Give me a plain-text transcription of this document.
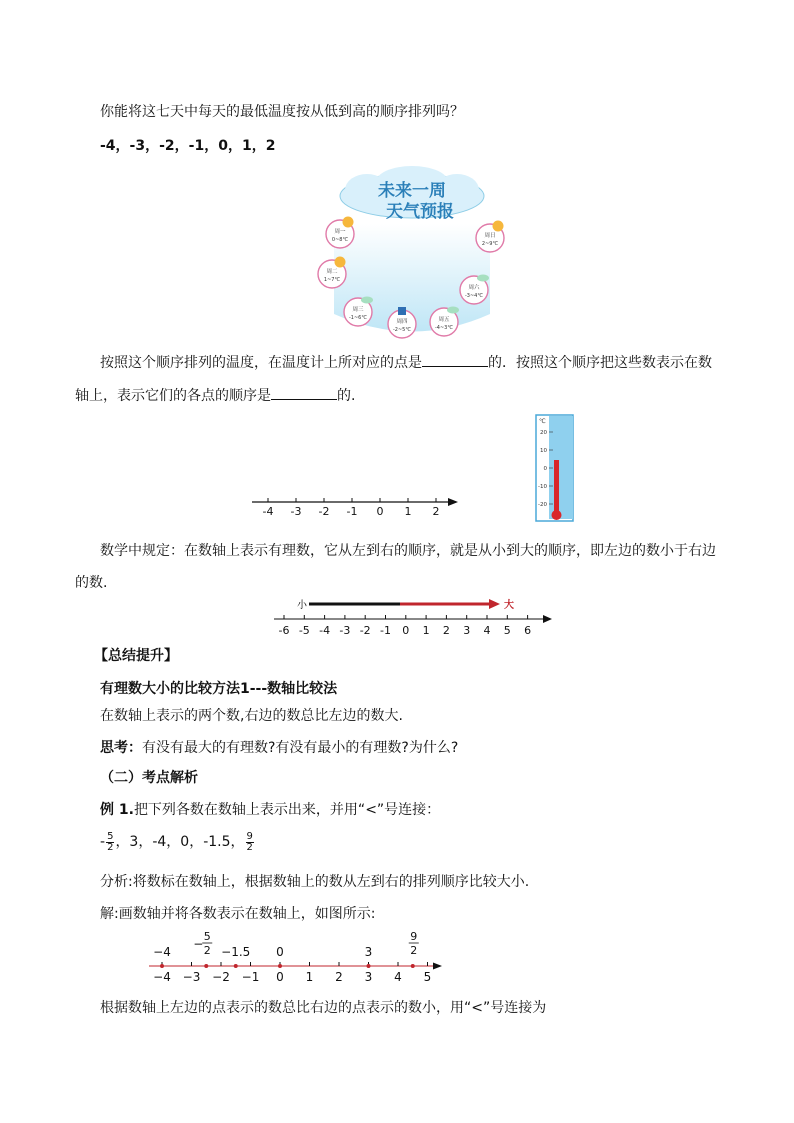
你能将这七天中每天的最低温度按从低到高的顺序排列吗？
-4，-3，-2，-1，0，1，2
未来一周
天气预报
周一
0~8℃
周二
1~7℃
周三
-1~6℃
周四
-2~5℃
周五
-4~3℃
周六
-3~4℃
周日
2~9℃
按照这个顺序排列的温度，在温度计上所对应的点是	的．按照这个顺序把这些数表示在数
轴上，表示它们的各点的顺序是	的.
-4 -3 -2 -1 0 1 2
℃
20
10
0
-10
-20
数学中规定：在数轴上表示有理数，它从左到右的顺序，就是从小到大的顺序，即左边的数小于右边
的数.
小	大
-6 -5 -4 -3 -2 -1 0 1 2 3 4 5 6
【总结提升】
有理数大小的比较方法1---数轴比较法
在数轴上表示的两个数,右边的数总比左边的数大.
思考：有没有最大的有理数?有没有最小的有理数?为什么?
（二）考点解析
例 1.把下列各数在数轴上表示出来，并用“<”号连接：
- $\frac{5}{2}$ ，3，-4，0，-1.5， $\frac{9}{2}$
分析:将数标在数轴上，根据数轴上的数从左到右的排列顺序比较大小.
解:画数轴并将各数表示在数轴上，如图所示:
−4 −3 −2 −1 0 1 2 3 4 5
−4	−1.5 0	3
−
5
2
9
2
根据数轴上左边的点表示的数总比右边的点表示的数小，用“<”号连接为
